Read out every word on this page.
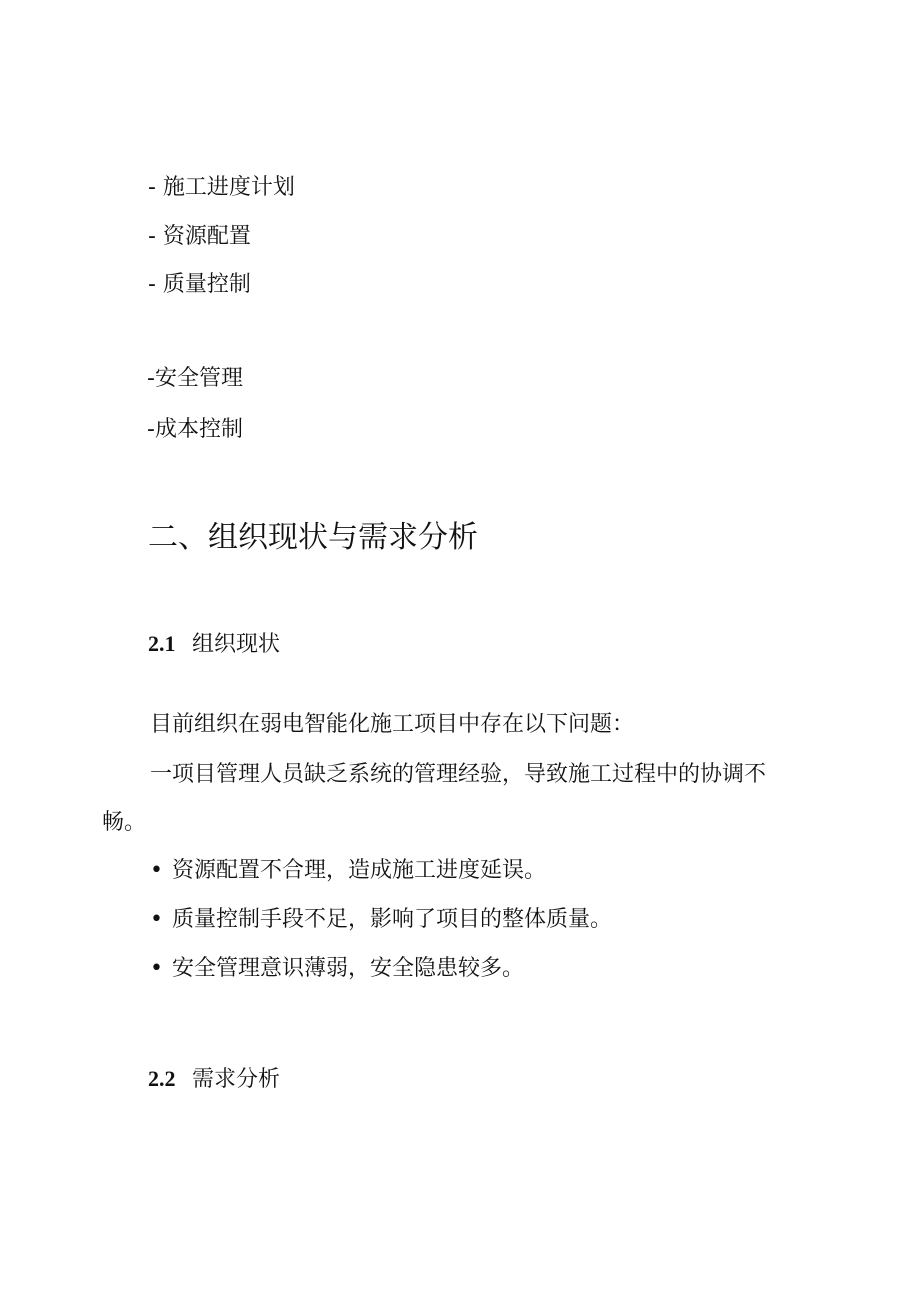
- 施工进度计划
- 资源配置
- 质量控制
-安全管理
-成本控制
二、组织现状与需求分析
2.1 组织现状
目前组织在弱电智能化施工项目中存在以下问题：
一项目管理人员缺乏系统的管理经验，导致施工过程中的协调不
畅。
• 资源配置不合理，造成施工进度延误。
• 质量控制手段不足，影响了项目的整体质量。
• 安全管理意识薄弱，安全隐患较多。
2.2 需求分析
